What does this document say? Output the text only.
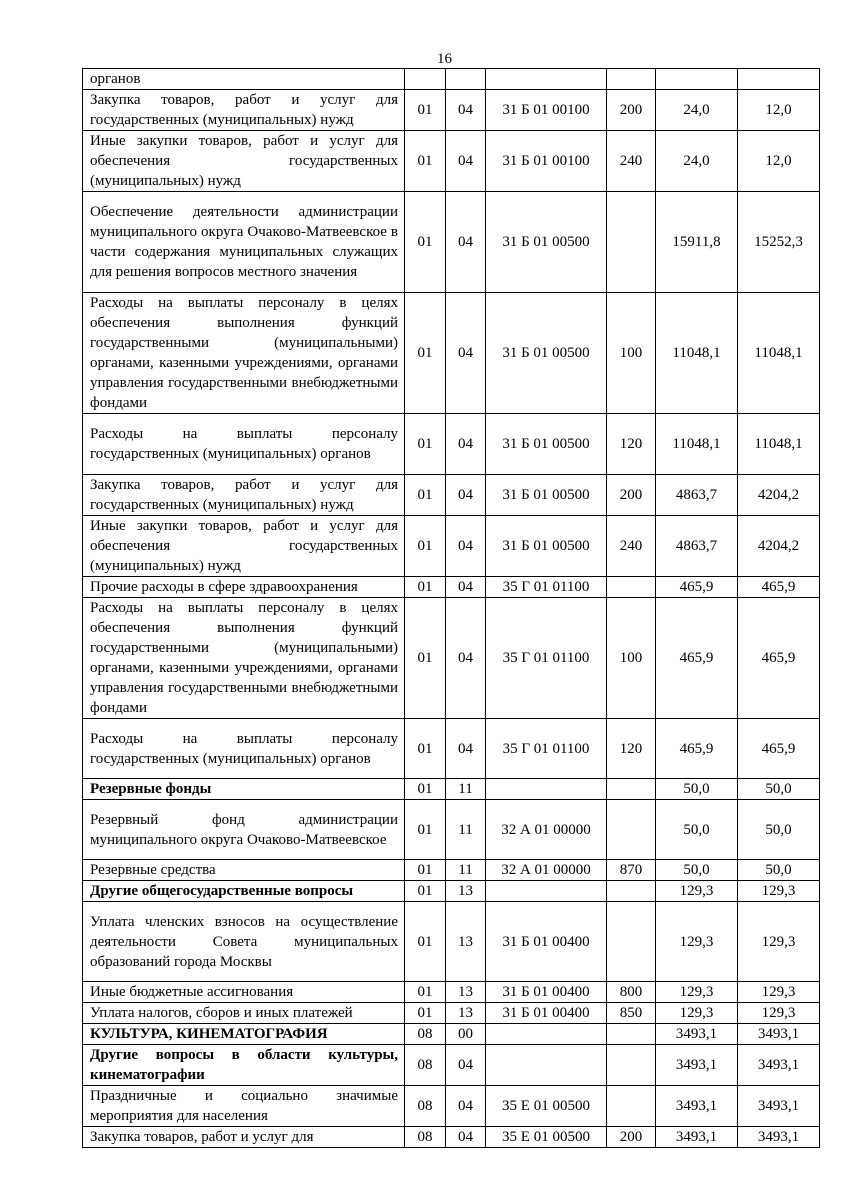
16
органов						
Закупка товаров, работ и услуг для государственных (муниципальных) нужд	01	04	31 Б 01 00100	200	24,0	12,0
Иные закупки товаров, работ и услуг для обеспечения государственных (муниципальных) нужд	01	04	31 Б 01 00100	240	24,0	12,0
Обеспечение деятельности администрации муниципального округа Очаково-Матвеевское в части содержания муниципальных служащих для решения вопросов местного значения	01	04	31 Б 01 00500		15911,8	15252,3
Расходы на выплаты персоналу в целях обеспечения выполнения функций государственными (муниципальными) органами, казенными учреждениями, органами управления государственными внебюджетными фондами	01	04	31 Б 01 00500	100	11048,1	11048,1
Расходы на выплаты персоналу государственных (муниципальных) органов	01	04	31 Б 01 00500	120	11048,1	11048,1
Закупка товаров, работ и услуг для государственных (муниципальных) нужд	01	04	31 Б 01 00500	200	4863,7	4204,2
Иные закупки товаров, работ и услуг для обеспечения государственных (муниципальных) нужд	01	04	31 Б 01 00500	240	4863,7	4204,2
Прочие расходы в сфере здравоохранения	01	04	35 Г 01 01100		465,9	465,9
Расходы на выплаты персоналу в целях обеспечения выполнения функций государственными (муниципальными) органами, казенными учреждениями, органами управления государственными внебюджетными фондами	01	04	35 Г 01 01100	100	465,9	465,9
Расходы на выплаты персоналу государственных (муниципальных) органов	01	04	35 Г 01 01100	120	465,9	465,9
Резервные фонды	01	11			50,0	50,0
Резервный фонд администрации муниципального округа Очаково-Матвеевское	01	11	32 А 01 00000		50,0	50,0
Резервные средства	01	11	32 А 01 00000	870	50,0	50,0
Другие общегосударственные вопросы	01	13			129,3	129,3
Уплата членских взносов на осуществление деятельности Совета муниципальных образований города Москвы	01	13	31 Б 01 00400		129,3	129,3
Иные бюджетные ассигнования	01	13	31 Б 01 00400	800	129,3	129,3
Уплата налогов, сборов и иных платежей	01	13	31 Б 01 00400	850	129,3	129,3
КУЛЬТУРА, КИНЕМАТОГРАФИЯ	08	00			3493,1	3493,1
Другие вопросы в области культуры, кинематографии	08	04			3493,1	3493,1
Праздничные и социально значимые мероприятия для населения	08	04	35 Е 01 00500		3493,1	3493,1
Закупка товаров, работ и услуг для	08	04	35 Е 01 00500	200	3493,1	3493,1
